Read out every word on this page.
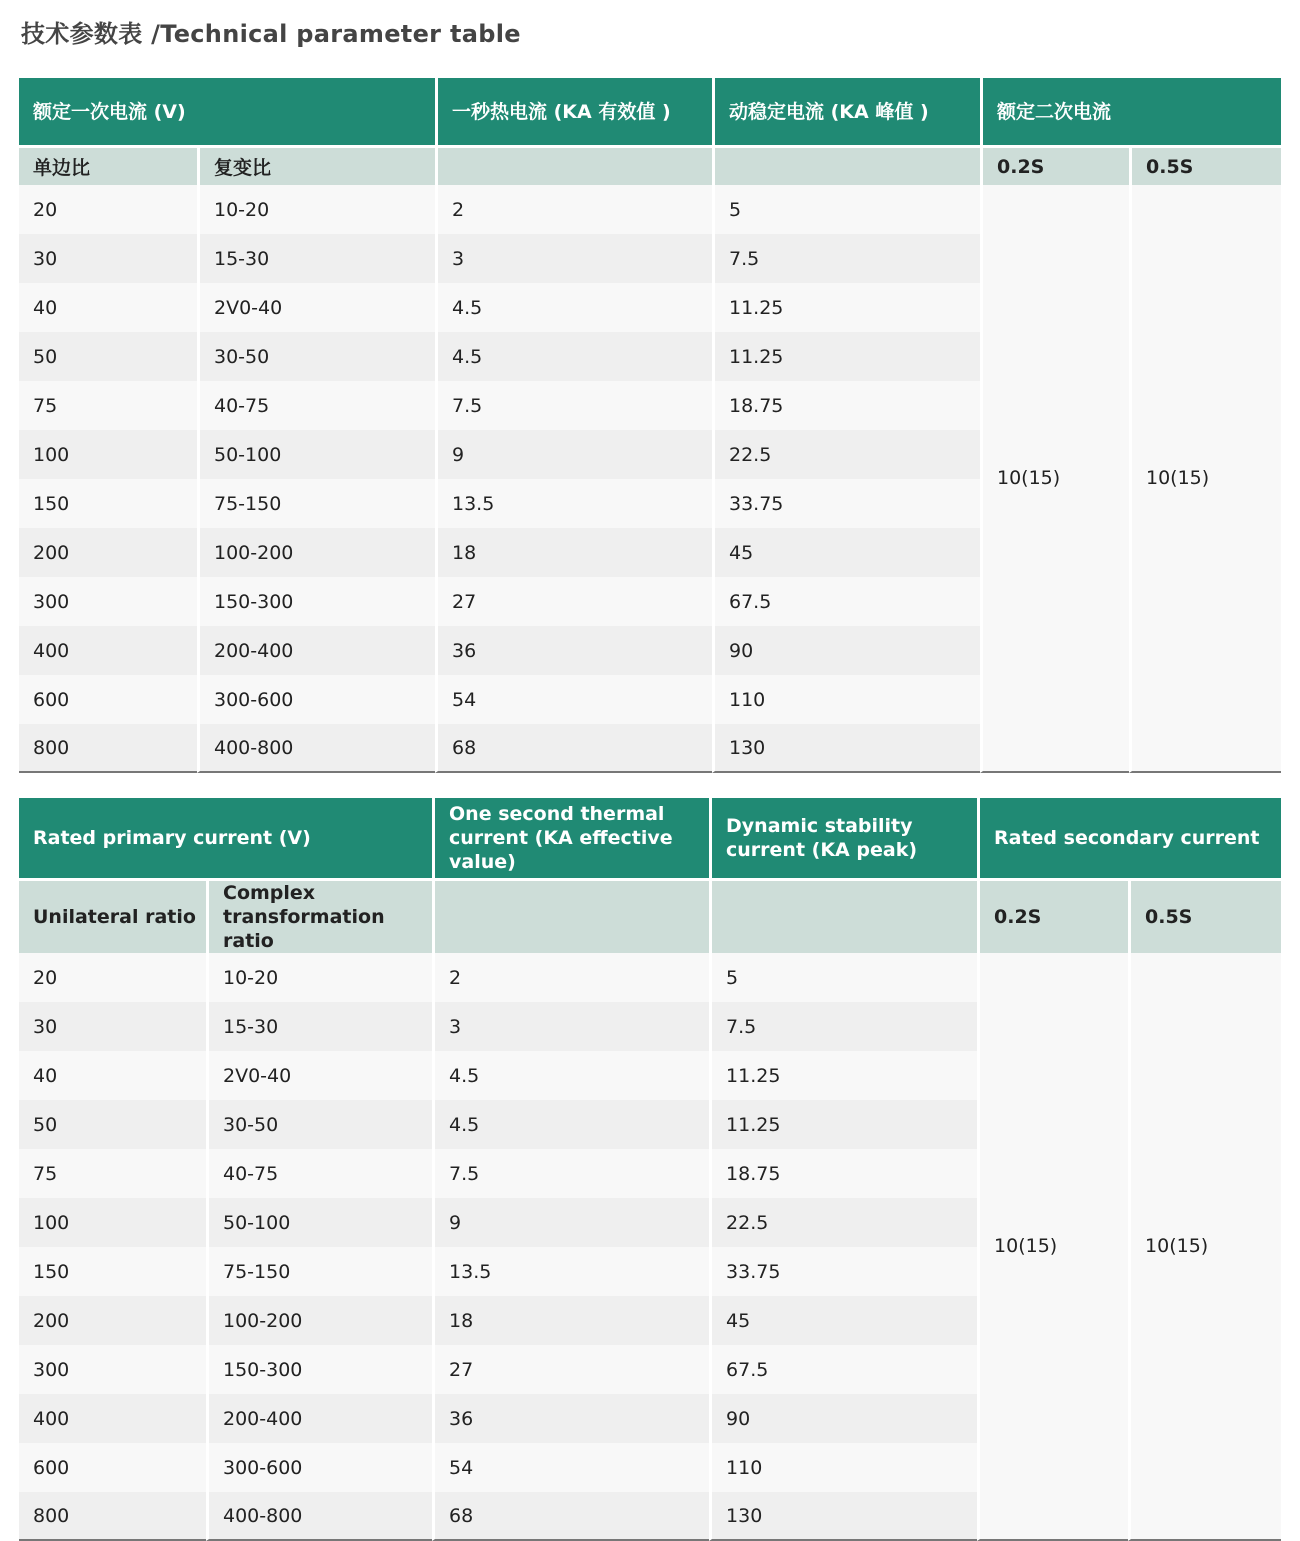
技术参数表 /Technical parameter table
额定一次电流 (V)		一秒热电流 (KA 有效值 )	动稳定电流 (KA 峰值 )	额定二次电流	
单边比	复变比			0.2S	0.5S
20	10-20	2	5	10(15)	10(15)
30	15-30	3	7.5		
40	2V0-40	4.5	11.25		
50	30-50	4.5	11.25		
75	40-75	7.5	18.75		
100	50-100	9	22.5		
150	75-150	13.5	33.75		
200	100-200	18	45		
300	150-300	27	67.5		
400	200-400	36	90		
600	300-600	54	110		
800	400-800	68	130		
Rated primary current (V)		One second thermal current (KA effective value)	Dynamic stability current (KA peak)	Rated secondary current	
Unilateral ratio	Complex transformation ratio			0.2S	0.5S
20	10-20	2	5	10(15)	10(15)
30	15-30	3	7.5		
40	2V0-40	4.5	11.25		
50	30-50	4.5	11.25		
75	40-75	7.5	18.75		
100	50-100	9	22.5		
150	75-150	13.5	33.75		
200	100-200	18	45		
300	150-300	27	67.5		
400	200-400	36	90		
600	300-600	54	110		
800	400-800	68	130		
